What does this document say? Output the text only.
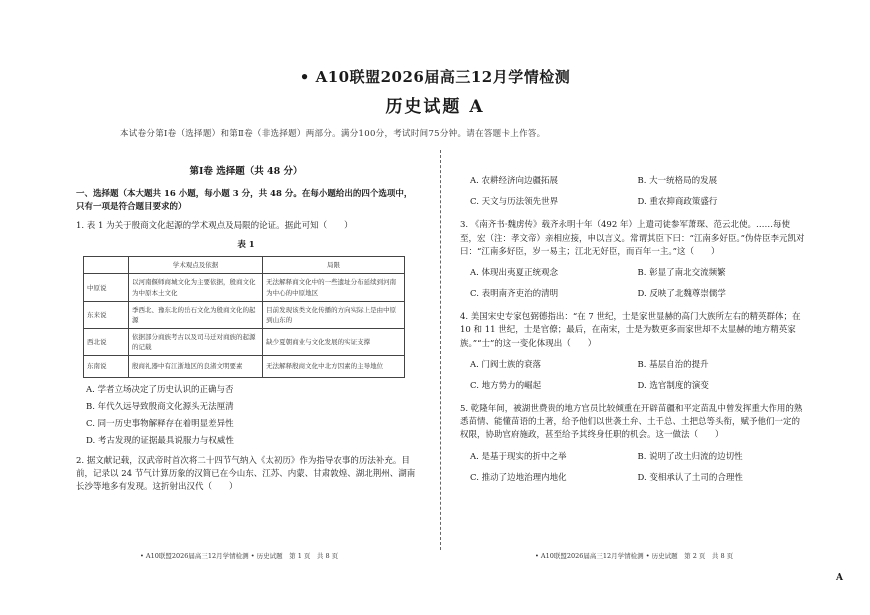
• A10联盟2026届高三12月学情检测
历史试题 A
本试卷分第Ⅰ卷（选择题）和第Ⅱ卷（非选择题）两部分。满分100分，考试时间75分钟。请在答题卡上作答。
第Ⅰ卷 选择题（共 48 分）
一、选择题（本大题共 16 小题，每小题 3 分，共 48 分。在每小题给出的四个选项中，只有一项是符合题目要求的）
1. 表 1 为关于殷商文化起源的学术观点及局限的论证。据此可知（　　）
表 1
	学术观点及依据	局限
中原说	以河南偃师商城文化为主要依据，殷商文化为中原本土文化	无法解释商文化中的一些遗址分布延续到河南为中心的中原地区
东来说	季西北、豫东北的岳石文化为殷商文化的起源	目前发现该类文化传播的方向实际上是由中原到山东的
西北说	依据部分商族考古以及司马迁对商族的起源的记载	缺少夏朝商业与文化发展的实证支撑
东南说	殷商礼器中有江浙地区的良渚文明要素	无法解释殷商文化中北方因素的主导地位
A. 学者立场决定了历史认识的正确与否
B. 年代久远导致殷商文化源头无法厘清
C. 同一历史事物解释存在着明显差异性
D. 考古发现的证据最具说服力与权威性
2. 据文献记载，汉武帝时首次将二十四节气纳入《太初历》作为指导农事的历法补充。目前，记录以 24 节气计算历象的汉简已在今山东、江苏、内蒙、甘肃敦煌、湖北荆州、湖南长沙等地多有发现。这折射出汉代（　　）
• A10联盟2026届高三12月学情检测 • 历史试题　第 1 页　共 8 页
A. 农耕经济向边疆拓展	B. 大一统格局的发展
C. 天文与历法领先世界	D. 重农抑商政策盛行
3. 《南齐书·魏虏传》载齐永明十年（492 年）上遣司徒参军萧琛、范云北使。……每使至，宏（注：孝文帝）亲相应接，申以言义。常谓其臣下曰：“江南多好臣。”伪侍臣李元凯对曰：“江南多好臣，岁一易主；江北无好臣，而百年一主。”这（　　）
A. 体现出夷夏正统观念	B. 彰显了南北交流频繁
C. 表明南齐吏治的清明	D. 反映了北魏尊崇儒学
4. 美国宋史专家包弼德指出：“在 7 世纪，士是家世显赫的高门大族所左右的精英群体；在 10 和 11 世纪，士是官僚；最后，在南宋，士是为数更多而家世却不太显赫的地方精英家族。”“士”的这一变化体现出（　　）
A. 门阀士族的衰落	B. 基层自治的提升
C. 地方势力的崛起	D. 选官制度的演变
5. 乾隆年间，被湖世费贵的地方官员比较倾重在开辟苗疆和平定苗乱中曾发挥重大作用的熟悉苗情、能懂苗语的土著，给予他们以世袭土弁、土千总、土把总等头衔，赋予他们一定的权限，协助官府施政，甚至给予其终身任职的机会。这一做法（　　）
A. 是基于现实的折中之举	B. 说明了改土归流的边切性
C. 推动了边地治理内地化	D. 变相承认了土司的合理性
• A10联盟2026届高三12月学情检测 • 历史试题　第 2 页　共 8 页
A
